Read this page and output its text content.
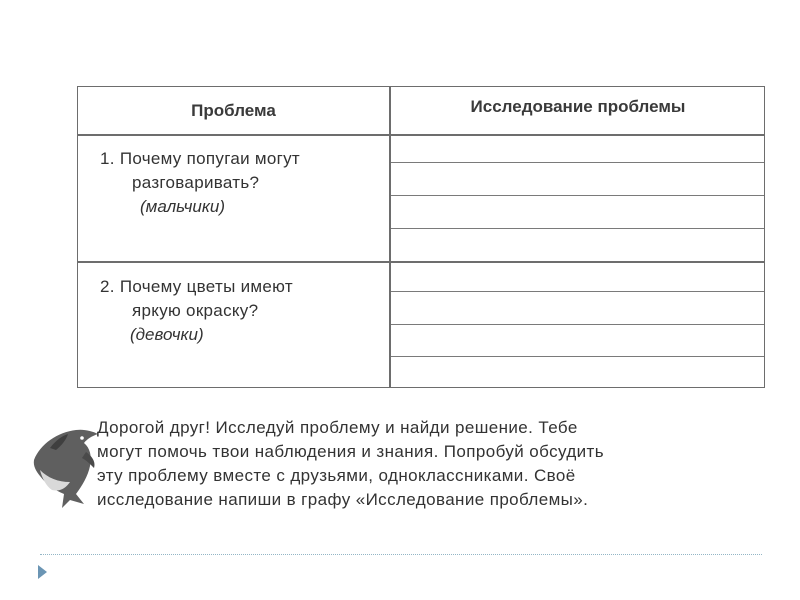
Проблема	Исследование проблемы
1. Почему попугаи могут
разговаривать?
(мальчики)
2. Почему цветы имеют
яркую окраску?
(девочки)
Дорогой друг! Исследуй проблему и найди решение. Тебе
могут помочь твои наблюдения и знания. Попробуй обсудить
эту проблему вместе с друзьями, одноклассниками. Своё
исследование напиши в графу «Исследование проблемы».
